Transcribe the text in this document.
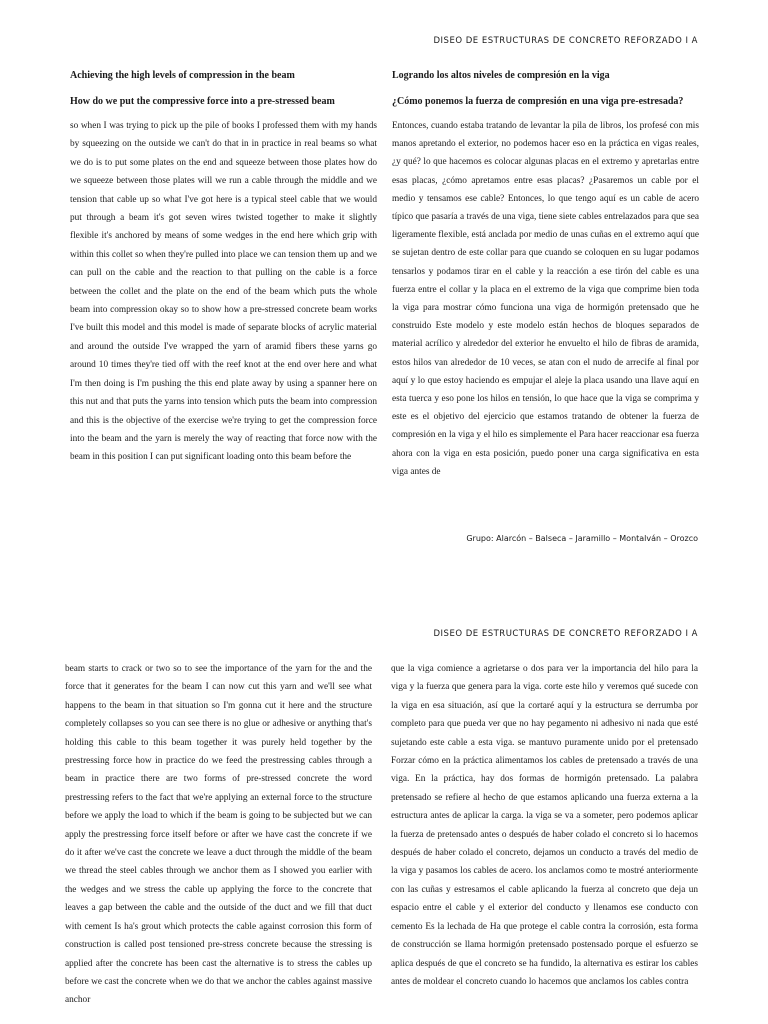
DISEO DE ESTRUCTURAS DE CONCRETO REFORZADO I A

Achieving the high levels of compression in the beam

How do we put the compressive force into a pre-stressed beam

so when I was trying to pick up the pile of books I professed them with my hands by squeezing on the outside we can't do that in in practice in real beams so what we do is to put some plates on the end and squeeze between those plates how do we squeeze between those plates will we run a cable through the middle and we tension that cable up so what I've got here is a typical steel cable that we would put through a beam it's got seven wires twisted together to make it slightly flexible it's anchored by means of some wedges in the end here which grip with within this collet so when they're pulled into place we can tension them up and we can pull on the cable and the reaction to that pulling on the cable is a force between the collet and the plate on the end of the beam which puts the whole beam into compression okay so to show how a pre-stressed concrete beam works I've built this model and this model is made of separate blocks of acrylic material and around the outside I've wrapped the yarn of aramid fibers these yarns go around 10 times they're tied off with the reef knot at the end over here and what I'm then doing is I'm pushing the this end plate away by using a spanner here on this nut and that puts the yarns into tension which puts the beam into compression and this is the objective of the exercise we're trying to get the compression force into the beam and the yarn is merely the way of reacting that force now with the beam in this position I can put significant loading onto this beam before the

Logrando los altos niveles de compresión en la viga

¿Cómo ponemos la fuerza de compresión en una viga pre-estresada?

Entonces, cuando estaba tratando de levantar la pila de libros, los profesé con mis manos apretando el exterior, no podemos hacer eso en la práctica en vigas reales, ¿y qué? lo que hacemos es colocar algunas placas en el extremo y apretarlas entre esas placas, ¿cómo apretamos entre esas placas? ¿Pasaremos un cable por el medio y tensamos ese cable? Entonces, lo que tengo aquí es un cable de acero típico que pasaría a través de una viga, tiene siete cables entrelazados para que sea ligeramente flexible, está anclada por medio de unas cuñas en el extremo aquí que se sujetan dentro de este collar para que cuando se coloquen en su lugar podamos tensarlos y podamos tirar en el cable y la reacción a ese tirón del cable es una fuerza entre el collar y la placa en el extremo de la viga que comprime bien toda la viga para mostrar cómo funciona una viga de hormigón pretensado que he construido Este modelo y este modelo están hechos de bloques separados de material acrílico y alrededor del exterior he envuelto el hilo de fibras de aramida, estos hilos van alrededor de 10 veces, se atan con el nudo de arrecife al final por aquí y lo que estoy haciendo es empujar el aleje la placa usando una llave aquí en esta tuerca y eso pone los hilos en tensión, lo que hace que la viga se comprima y este es el objetivo del ejercicio que estamos tratando de obtener la fuerza de compresión en la viga y el hilo es simplemente el Para hacer reaccionar esa fuerza ahora con la viga en esta posición, puedo poner una carga significativa en esta viga antes de

Grupo: Alarcón – Balseca – Jaramillo – Montalván – Orozco
DISEO DE ESTRUCTURAS DE CONCRETO REFORZADO I A

beam starts to crack or two so to see the importance of the yarn for the and the force that it generates for the beam I can now cut this yarn and we'll see what happens to the beam in that situation so I'm gonna cut it here and the structure completely collapses so you can see there is no glue or adhesive or anything that's holding this cable to this beam together it was purely held together by the prestressing force how in practice do we feed the prestressing cables through a beam in practice there are two forms of pre-stressed concrete the word prestressing refers to the fact that we're applying an external force to the structure before we apply the load to which if the beam is going to be subjected but we can apply the prestressing force itself before or after we have cast the concrete if we do it after we've cast the concrete we leave a duct through the middle of the beam we thread the steel cables through we anchor them as I showed you earlier with the wedges and we stress the cable up applying the force to the concrete that leaves a gap between the cable and the outside of the duct and we fill that duct with cement Is ha's grout which protects the cable against corrosion this form of construction is called post tensioned pre-stress concrete because the stressing is applied after the concrete has been cast the alternative is to stress the cables up before we cast the concrete when we do that we anchor the cables against massive anchor

que la viga comience a agrietarse o dos para ver la importancia del hilo para la viga y la fuerza que genera para la viga. corte este hilo y veremos qué sucede con la viga en esa situación, así que la cortaré aquí y la estructura se derrumba por completo para que pueda ver que no hay pegamento ni adhesivo ni nada que esté sujetando este cable a esta viga. se mantuvo puramente unido por el pretensado Forzar cómo en la práctica alimentamos los cables de pretensado a través de una viga. En la práctica, hay dos formas de hormigón pretensado. La palabra pretensado se refiere al hecho de que estamos aplicando una fuerza externa a la estructura antes de aplicar la carga. la viga se va a someter, pero podemos aplicar la fuerza de pretensado antes o después de haber colado el concreto si lo hacemos después de haber colado el concreto, dejamos un conducto a través del medio de la viga y pasamos los cables de acero. los anclamos como te mostré anteriormente con las cuñas y estresamos el cable aplicando la fuerza al concreto que deja un espacio entre el cable y el exterior del conducto y llenamos ese conducto con cemento Es la lechada de Ha que protege el cable contra la corrosión, esta forma de construcción se llama hormigón pretensado postensado porque el esfuerzo se aplica después de que el concreto se ha fundido, la alternativa es estirar los cables antes de moldear el concreto cuando lo hacemos que anclamos los cables contra
